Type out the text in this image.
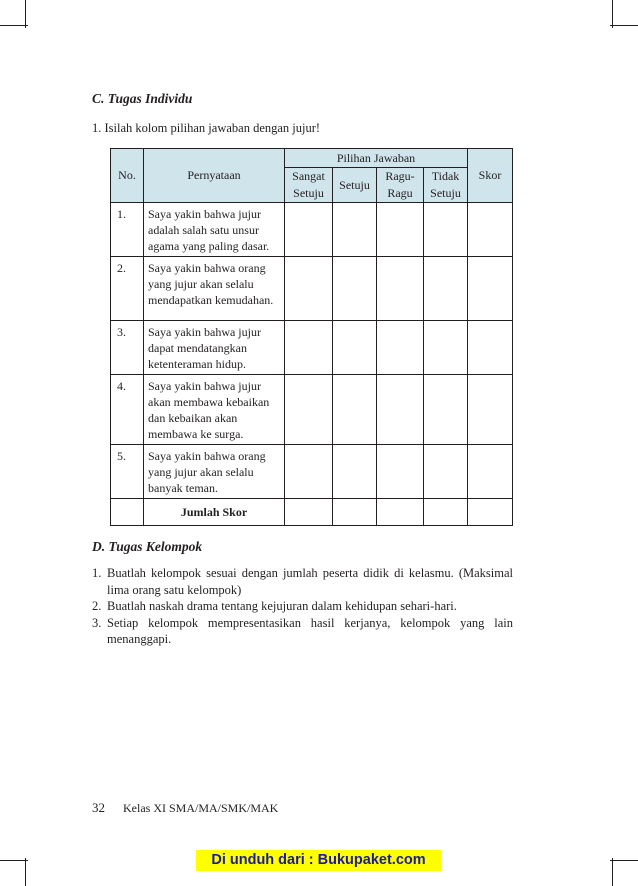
C. Tugas Individu
1. Isilah kolom pilihan jawaban dengan jujur!
No.	Pernyataan	Pilihan Jawaban				Skor
		Sangat Setuju	Setuju	Ragu-Ragu	Tidak Setuju	
1.	Saya yakin bahwa jujur adalah salah satu unsur agama yang paling dasar.					
2.	Saya yakin bahwa orang yang jujur akan selalu mendapatkan kemudahan.					
3.	Saya yakin bahwa jujur dapat mendatangkan ketenteraman hidup.					
4.	Saya yakin bahwa jujur akan membawa kebaikan dan kebaikan akan membawa ke surga.					
5.	Saya yakin bahwa orang yang jujur akan selalu banyak teman.					
	Jumlah Skor					
D. Tugas Kelompok
1. Buatlah kelompok sesuai dengan jumlah peserta didik di kelasmu. (Maksimal lima orang satu kelompok)
2. Buatlah naskah drama tentang kejujuran dalam kehidupan sehari-hari.
3. Setiap kelompok mempresentasikan hasil kerjanya, kelompok yang lain menanggapi.
32 Kelas XI SMA/MA/SMK/MAK
Di unduh dari : Bukupaket.com
